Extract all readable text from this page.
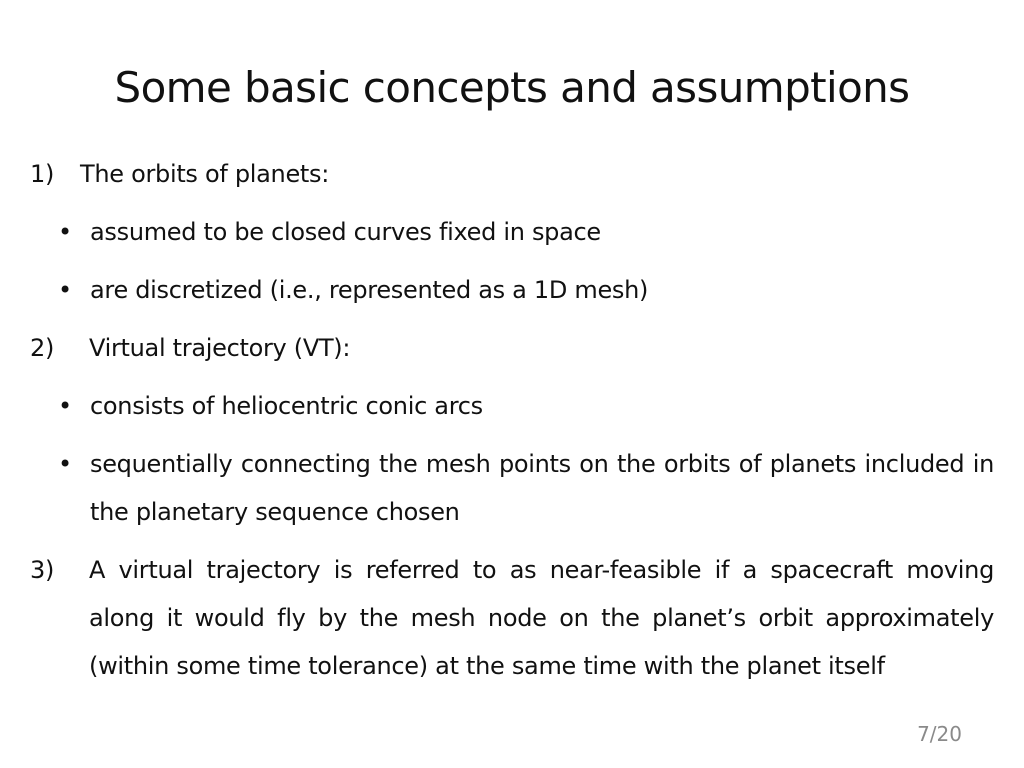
Some basic concepts and assumptions
1)	The orbits of planets:
• assumed to be closed curves fixed in space
• are discretized (i.e., represented as a 1D mesh)
2)	Virtual trajectory (VT):
• consists of heliocentric conic arcs
• sequentially connecting the mesh points on the orbits of planets included in the planetary sequence chosen
3) A virtual trajectory is referred to as near-feasible if a spacecraft moving along it would fly by the mesh node on the planet’s orbit approximately (within some time tolerance) at the same time with the planet itself
7/20
